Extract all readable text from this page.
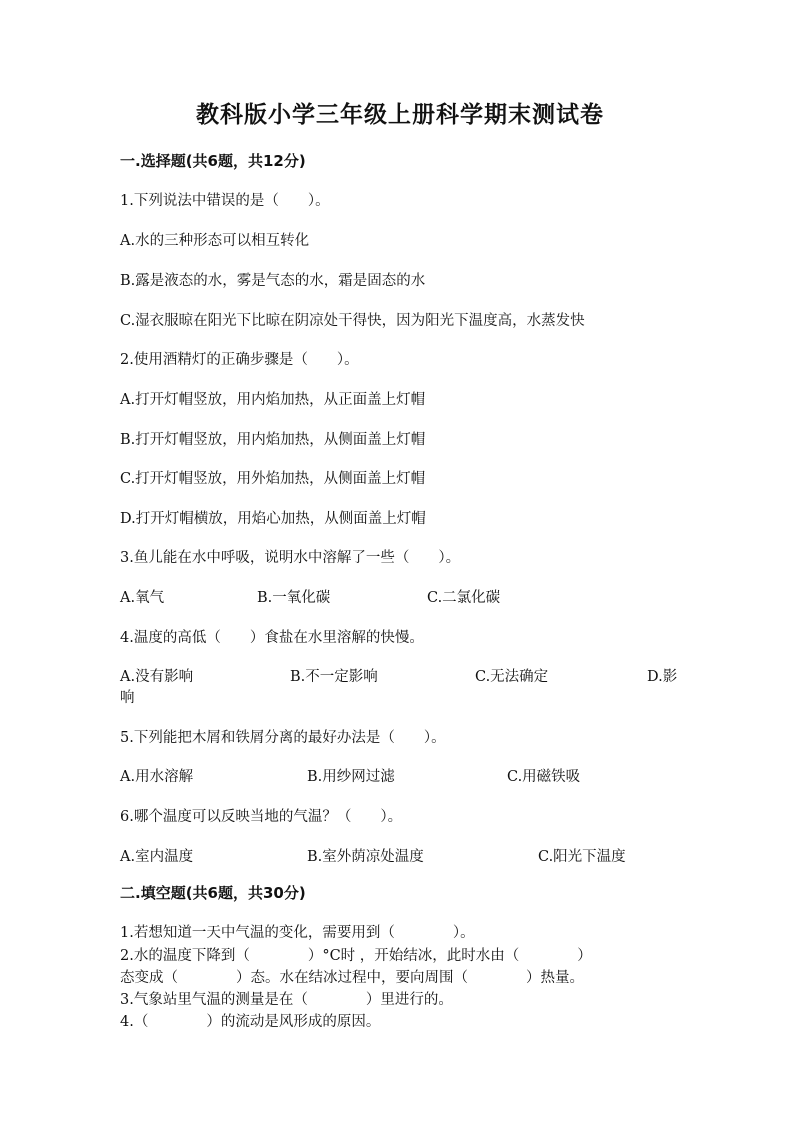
教科版小学三年级上册科学期末测试卷
一.选择题(共6题，共12分)
1.下列说法中错误的是（　　）。
A.水的三种形态可以相互转化
B.露是液态的水，雾是气态的水，霜是固态的水
C.湿衣服晾在阳光下比晾在阴凉处干得快，因为阳光下温度高，水蒸发快
2.使用酒精灯的正确步骤是（　　）。
A.打开灯帽竖放，用内焰加热，从正面盖上灯帽
B.打开灯帽竖放，用内焰加热，从侧面盖上灯帽
C.打开灯帽竖放，用外焰加热，从侧面盖上灯帽
D.打开灯帽横放，用焰心加热，从侧面盖上灯帽
3.鱼儿能在水中呼吸，说明水中溶解了一些（　　）。
A.氧气	B.一氧化碳	C.二氯化碳
4.温度的高低（　　）食盐在水里溶解的快慢。
A.没有影响	B.不一定影响	C.无法确定	D.影
响
5.下列能把木屑和铁屑分离的最好办法是（　　）。
A.用水溶解	B.用纱网过滤	C.用磁铁吸
6.哪个温度可以反映当地的气温？（　　）。
A.室内温度	B.室外荫凉处温度	C.阳光下温度
二.填空题(共6题，共30分)
1.若想知道一天中气温的变化，需要用到（　　　　）。
2.水的温度下降到（　　　　）°C时 ，开始结冰，此时水由（　　　　）
态变成（　　　　）态。水在结冰过程中，要向周围（　　　　）热量。
3.气象站里气温的测量是在（　　　　）里进行的。
4.（　　　　）的流动是风形成的原因。
